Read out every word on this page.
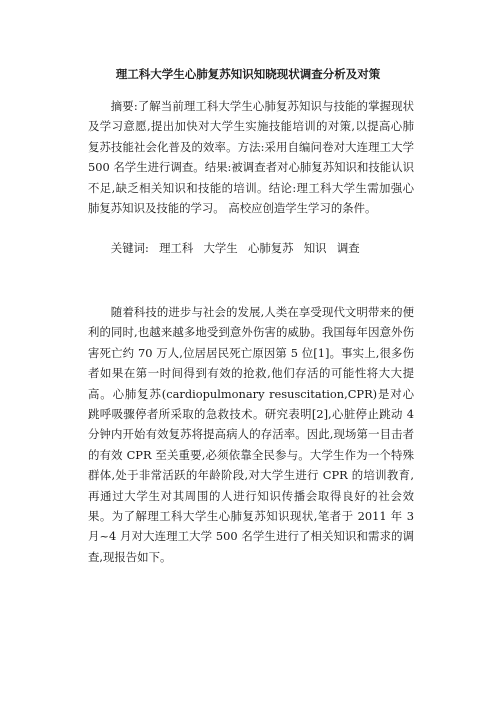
理工科大学生心肺复苏知识知晓现状调查分析及对策

摘要:了解当前理工科大学生心肺复苏知识与技能的掌握现状及学习意愿,提出加快对大学生实施技能培训的对策,以提高心肺复苏技能社会化普及的效率。方法:采用自编问卷对大连理工大学 500 名学生进行调查。结果:被调查者对心肺复苏知识和技能认识不足,缺乏相关知识和技能的培训。结论:理工科大学生需加强心肺复苏知识及技能的学习。 高校应创造学生学习的条件。

关键词: 理工科 大学生 心肺复苏 知识 调查

随着科技的进步与社会的发展,人类在享受现代文明带来的便利的同时,也越来越多地受到意外伤害的威胁。我国每年因意外伤害死亡约 70 万人,位居居民死亡原因第 5 位[1]。事实上,很多伤者如果在第一时间得到有效的抢救,他们存活的可能性将大大提高。心肺复苏(cardiopulmonary resuscitation,CPR)是对心跳呼吸骤停者所采取的急救技术。研究表明[2],心脏停止跳动 4 分钟内开始有效复苏将提高病人的存活率。因此,现场第一目击者的有效 CPR 至关重要,必须依靠全民参与。大学生作为一个特殊群体,处于非常活跃的年龄阶段,对大学生进行 CPR 的培训教育,再通过大学生对其周围的人进行知识传播会取得良好的社会效果。为了解理工科大学生心肺复苏知识现状,笔者于 2011 年 3 月~4 月对大连理工大学 500 名学生进行了相关知识和需求的调查,现报告如下。
